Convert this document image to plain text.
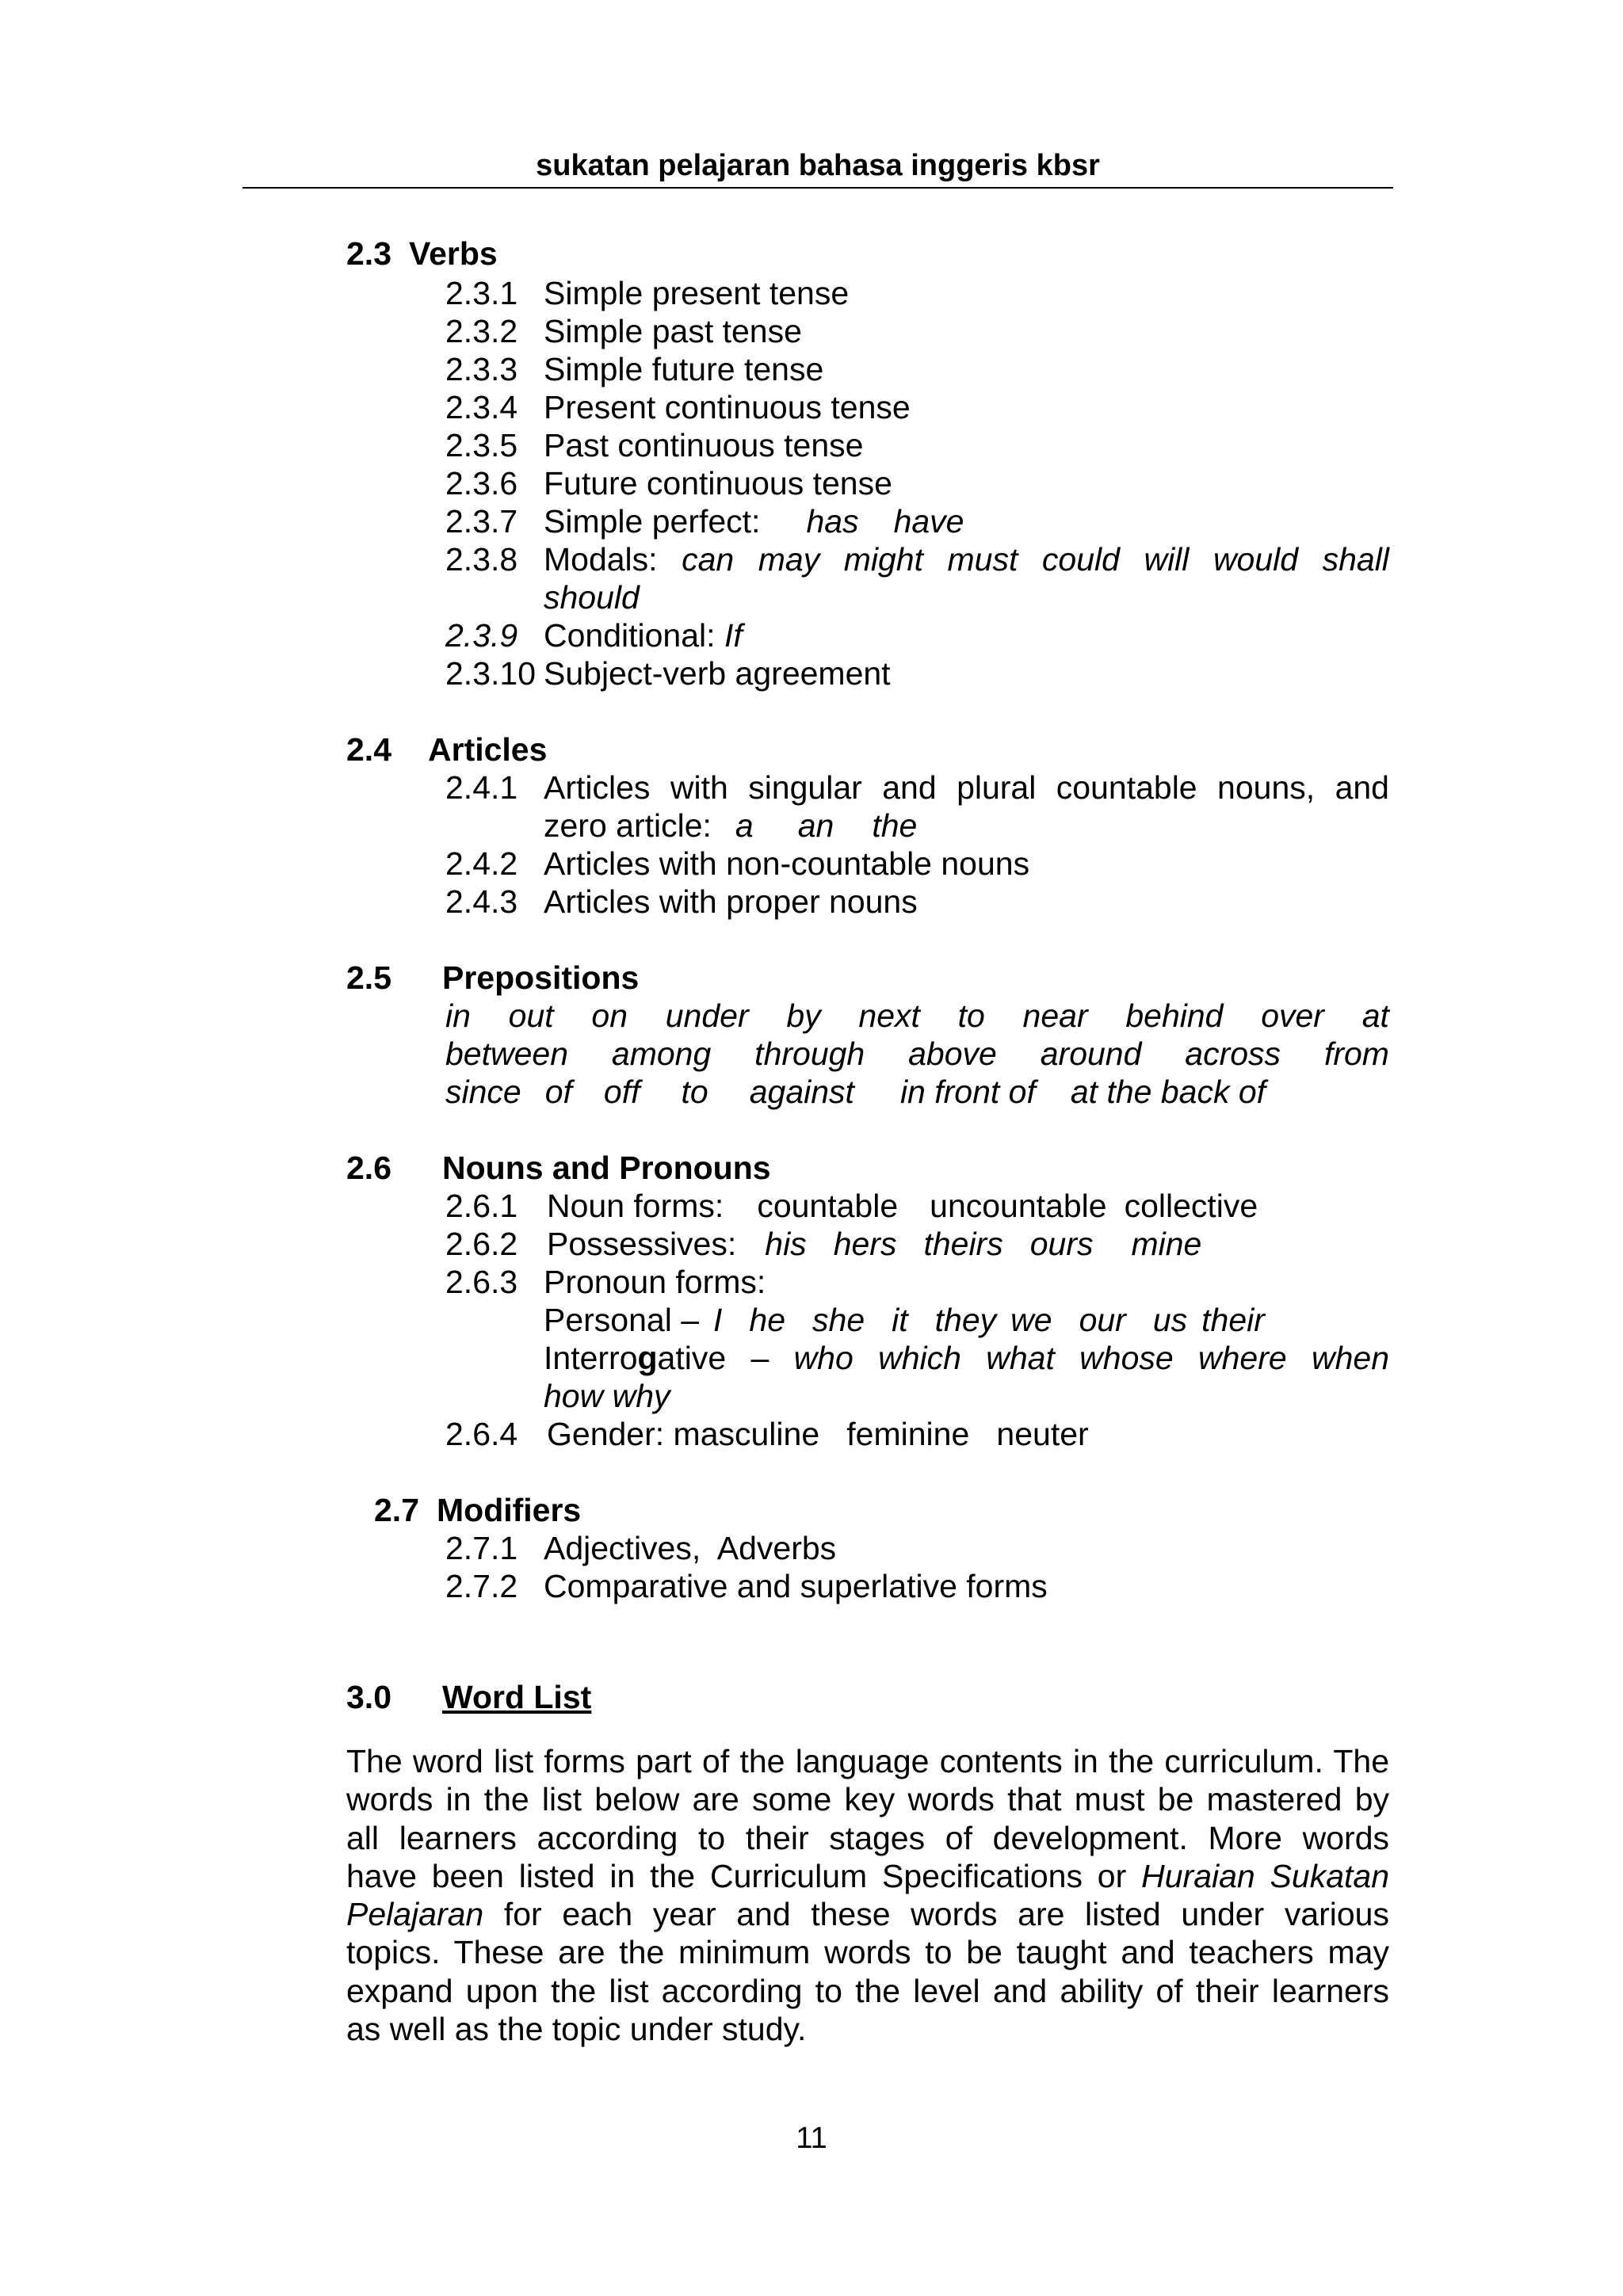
sukatan pelajaran bahasa inggeris kbsr
2.3 Verbs
2.3.1 Simple present tense
2.3.2 Simple past tense
2.3.3 Simple future tense
2.3.4 Present continuous tense
2.3.5 Past continuous tense
2.3.6 Future continuous tense
2.3.7 Simple perfect: has have
2.3.8 Modals: can may might must could will would shall
should
2.3.9 Conditional: If
2.3.10 Subject-verb agreement
2.4 Articles
2.4.1 Articles with singular and plural countable nouns, and
zero article: a an the
2.4.2 Articles with non-countable nouns
2.4.3 Articles with proper nouns
2.5 Prepositions
in out on under by next to near behind over at
between among through above around across from
since of off to against in front of at the back of
2.6 Nouns and Pronouns
2.6.1 Noun forms: countable uncountable collective
2.6.2 Possessives: his hers theirs ours mine
2.6.3 Pronoun forms:
Personal – I he she it they we our us their
Interrogative – who which what whose where when
how why
2.6.4 Gender: masculine   feminine   neuter
2.7 Modifiers
2.7.1 Adjectives,  Adverbs
2.7.2 Comparative and superlative forms
3.0 Word List
The word list forms part of the language contents in the curriculum. The
words in the list below are some key words that must be mastered by
all learners according to their stages of development. More words
have been listed in the Curriculum Specifications or Huraian Sukatan
Pelajaran for each year and these words are listed under various
topics. These are the minimum words to be taught and teachers may
expand upon the list according to the level and ability of their learners
as well as the topic under study.
11
